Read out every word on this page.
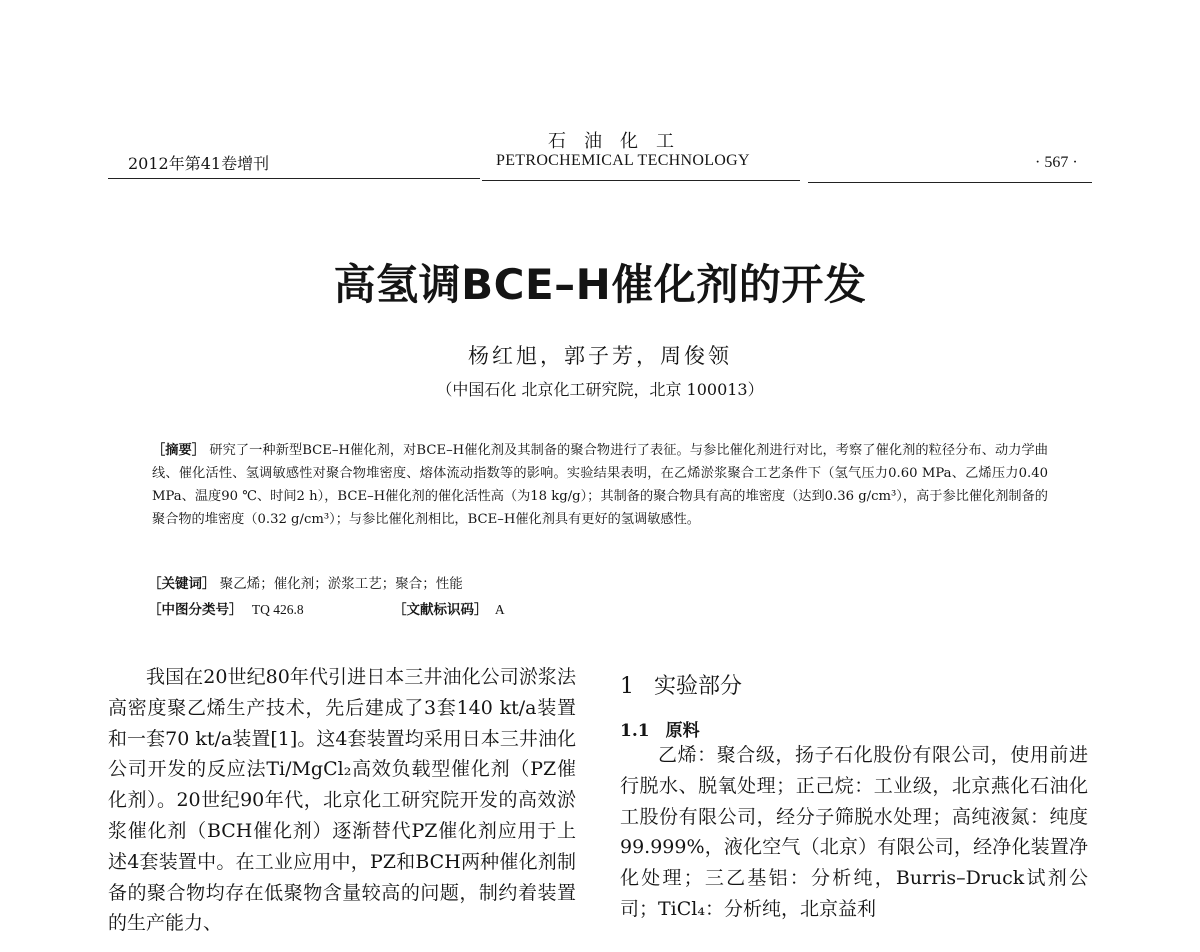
石油化工
2012年第41卷增刊	PETROCHEMICAL TECHNOLOGY	· 567 ·
高氢调BCE–H催化剂的开发
杨红旭，郭子芳，周俊领
（中国石化 北京化工研究院，北京 100013）
［摘要］ 研究了一种新型BCE–H催化剂，对BCE–H催化剂及其制备的聚合物进行了表征。与参比催化剂进行对比，考察了催化剂的粒径分布、动力学曲线、催化活性、氢调敏感性对聚合物堆密度、熔体流动指数等的影响。实验结果表明，在乙烯淤浆聚合工艺条件下（氢气压力0.60 MPa、乙烯压力0.40 MPa、温度90 ℃、时间2 h），BCE–H催化剂的催化活性高（为18 kg/g）；其制备的聚合物具有高的堆密度（达到0.36 g/cm³），高于参比催化剂制备的聚合物的堆密度（0.32 g/cm³）；与参比催化剂相比，BCE–H催化剂具有更好的氢调敏感性。
［关键词］ 聚乙烯；催化剂；淤浆工艺；聚合；性能
［中图分类号］ TQ 426.8	［文献标识码］ A
我国在20世纪80年代引进日本三井油化公司淤浆法高密度聚乙烯生产技术，先后建成了3套140 kt/a装置和一套70 kt/a装置[1]。这4套装置均采用日本三井油化公司开发的反应法Ti/MgCl₂高效负载型催化剂（PZ催化剂）。20世纪90年代，北京化工研究院开发的高效淤浆催化剂（BCH催化剂）逐渐替代PZ催化剂应用于上述4套装置中。在工业应用中，PZ和BCH两种催化剂制备的聚合物均存在低聚物含量较高的问题，制约着装置的生产能力、
1 实验部分
1.1 原料
乙烯：聚合级，扬子石化股份有限公司，使用前进行脱水、脱氧处理；正己烷：工业级，北京燕化石油化工股份有限公司，经分子筛脱水处理；高纯液氮：纯度99.999%，液化空气（北京）有限公司，经净化装置净化处理；三乙基铝：分析纯，Burris–Druck试剂公司；TiCl₄：分析纯，北京益利
